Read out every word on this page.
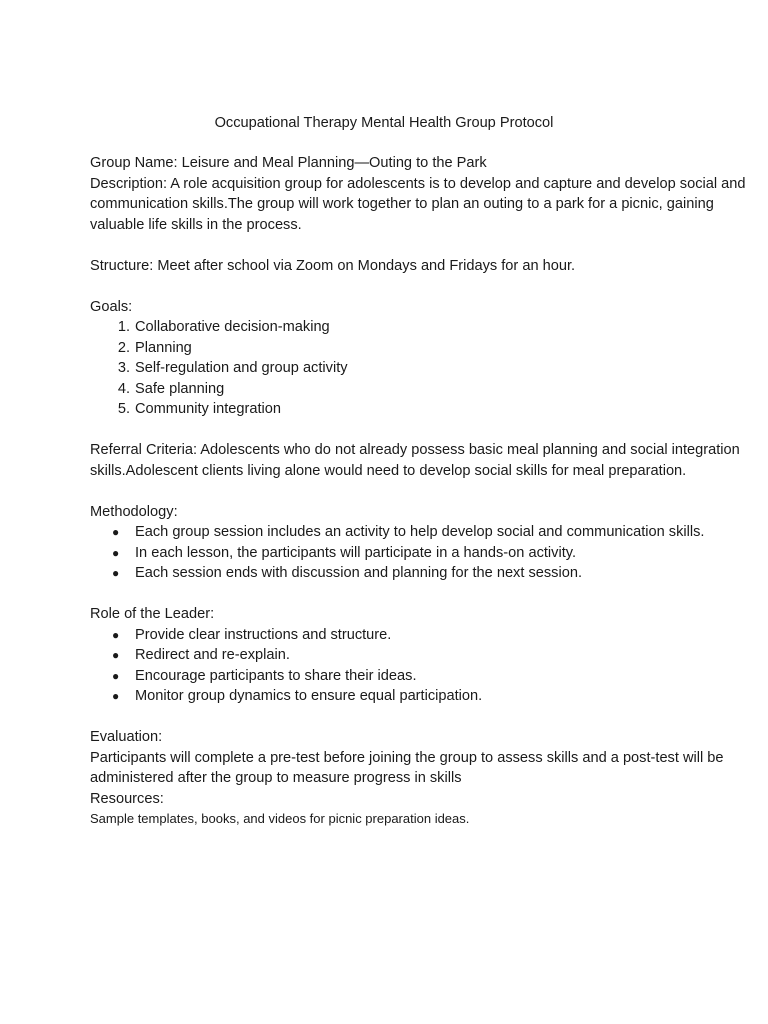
Occupational Therapy Mental Health Group Protocol

Group Name: Leisure and Meal Planning—Outing to the Park

Description: A role acquisition group for adolescents is to develop and capture and develop social and communication skills.The group will work together to plan an outing to a park for a picnic, gaining valuable life skills in the process.

Structure: Meet after school via Zoom on Mondays and Fridays for an hour.

Goals:

1. Collaborative decision-making
2. Planning
3. Self-regulation and group activity
4. Safe planning
5. Community integration

Referral Criteria: Adolescents who do not already possess basic meal planning and social integration skills.Adolescent clients living alone would need to develop social skills for meal preparation.

Methodology:

● Each group session includes an activity to help develop social and communication skills.
● In each lesson, the participants will participate in a hands-on activity.
● Each session ends with discussion and planning for the next session.

Role of the Leader:

● Provide clear instructions and structure.
● Redirect and re-explain.
● Encourage participants to share their ideas.
● Monitor group dynamics to ensure equal participation.

Evaluation:

Participants will complete a pre-test before joining the group to assess skills and a post-test will be administered after the group to measure progress in skills

Resources:

Sample templates, books, and videos for picnic preparation ideas.
